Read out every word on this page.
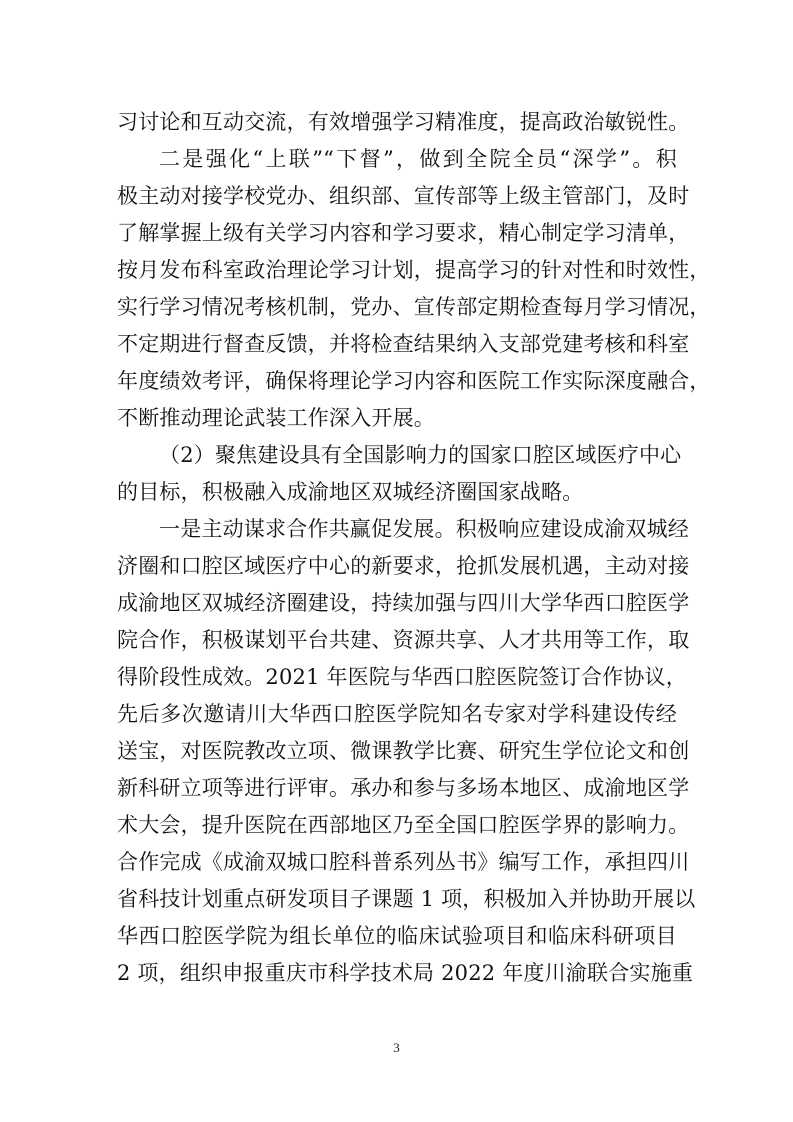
习讨论和互动交流，有效增强学习精准度，提高政治敏锐性。
二是强化“上联”“下督”，做到全院全员“深学”。积
极主动对接学校党办、组织部、宣传部等上级主管部门，及时
了解掌握上级有关学习内容和学习要求，精心制定学习清单，
按月发布科室政治理论学习计划，提高学习的针对性和时效性，
实行学习情况考核机制，党办、宣传部定期检查每月学习情况，
不定期进行督查反馈，并将检查结果纳入支部党建考核和科室
年度绩效考评，确保将理论学习内容和医院工作实际深度融合，
不断推动理论武装工作深入开展。
（2）聚焦建设具有全国影响力的国家口腔区域医疗中心
的目标，积极融入成渝地区双城经济圈国家战略。
一是主动谋求合作共赢促发展。积极响应建设成渝双城经
济圈和口腔区域医疗中心的新要求，抢抓发展机遇，主动对接
成渝地区双城经济圈建设，持续加强与四川大学华西口腔医学
院合作，积极谋划平台共建、资源共享、人才共用等工作，取
得阶段性成效。2021 年医院与华西口腔医院签订合作协议，
先后多次邀请川大华西口腔医学院知名专家对学科建设传经
送宝，对医院教改立项、微课教学比赛、研究生学位论文和创
新科研立项等进行评审。承办和参与多场本地区、成渝地区学
术大会，提升医院在西部地区乃至全国口腔医学界的影响力。
合作完成《成渝双城口腔科普系列丛书》编写工作，承担四川
省科技计划重点研发项目子课题 1 项，积极加入并协助开展以
华西口腔医学院为组长单位的临床试验项目和临床科研项目
2 项，组织申报重庆市科学技术局 2022 年度川渝联合实施重
3
